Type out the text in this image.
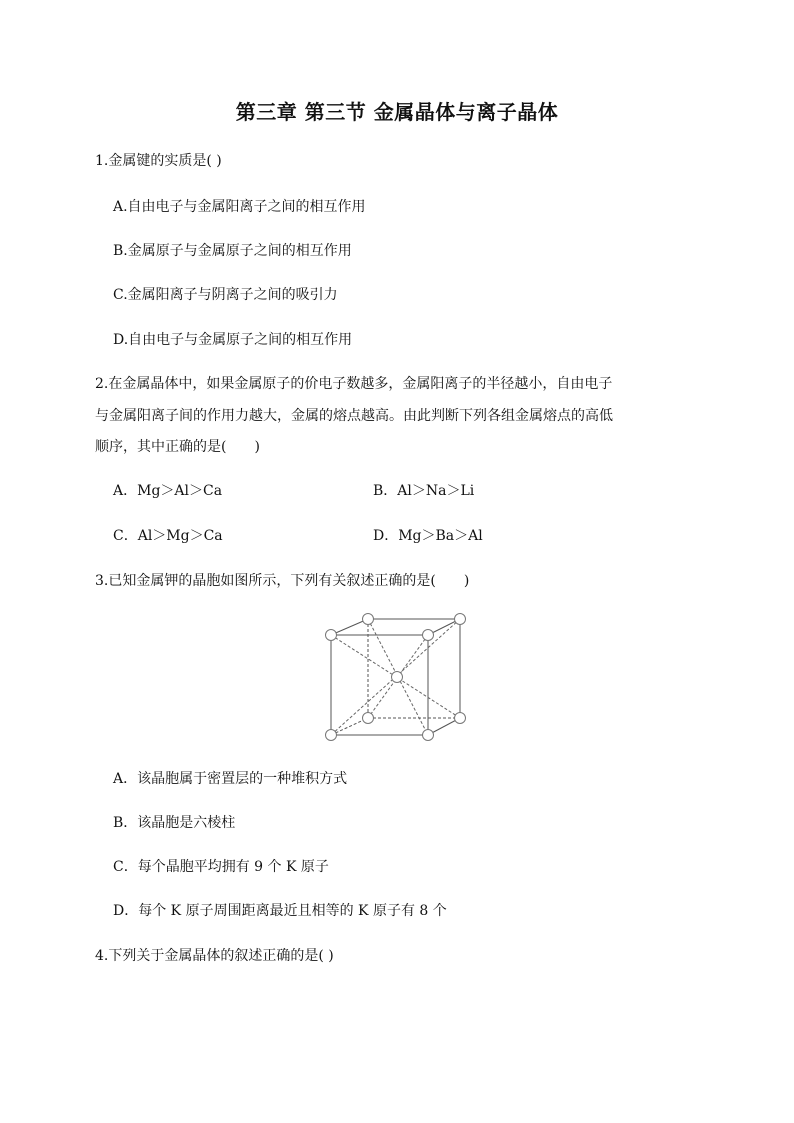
第三章 第三节 金属晶体与离子晶体
1.金属键的实质是( )
A.自由电子与金属阳离子之间的相互作用
B.金属原子与金属原子之间的相互作用
C.金属阳离子与阴离子之间的吸引力
D.自由电子与金属原子之间的相互作用
2.在金属晶体中，如果金属原子的价电子数越多，金属阳离子的半径越小，自由电子
与金属阳离子间的作用力越大，金属的熔点越高。由此判断下列各组金属熔点的高低
顺序，其中正确的是(　　)
A．Mg＞Al＞Ca	B．Al＞Na＞Li
C．Al＞Mg＞Ca	D．Mg＞Ba＞Al
3.已知金属钾的晶胞如图所示，下列有关叙述正确的是(　　)
A．该晶胞属于密置层的一种堆积方式
B．该晶胞是六棱柱
C．每个晶胞平均拥有 9 个 K 原子
D．每个 K 原子周围距离最近且相等的 K 原子有 8 个
4.下列关于金属晶体的叙述正确的是( )
